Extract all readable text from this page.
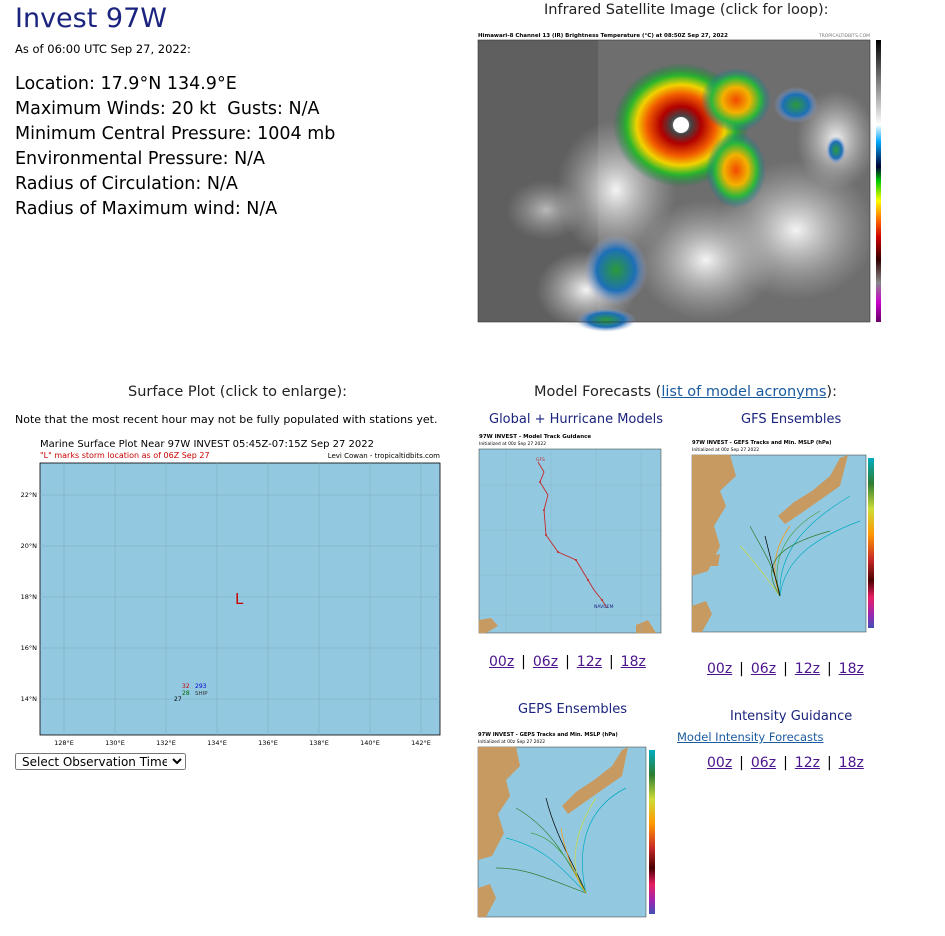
Invest 97W
As of 06:00 UTC Sep 27, 2022:
Location: 17.9°N 134.9°E
Maximum Winds: 20 kt  Gusts: N/A
Minimum Central Pressure: 1004 mb
Environmental Pressure: N/A
Radius of Circulation: N/A
Radius of Maximum wind: N/A
Infrared Satellite Image (click for loop):
Himawari-8 Channel 13 (IR) Brightness Temperature (°C) at 08:50Z Sep 27, 2022	TROPICALTIDBITS.COM
Surface Plot (click to enlarge):
Note that the most recent hour may not be fully populated with stations yet.
Marine Surface Plot Near 97W INVEST 05:45Z-07:15Z Sep 27 2022
"L" marks storm location as of 06Z Sep 27	Levi Cowan - tropicaltidbits.com
22°N
20°N
18°N
16°N
14°N
128°E	130°E	132°E	134°E	136°E	138°E	140°E	142°E
L
32 293
28 SHIP
27
Select Observation Time...
Model Forecasts (list of model acronyms):
Global + Hurricane Models	GFS Ensembles
97W INVEST - Model Track Guidance
Initialized at 00z Sep 27 2022
GFS
NAVGEM
97W INVEST - GEFS Tracks and Min. MSLP (hPa)
Initialized at 00z Sep 27 2022
00z | 06z | 12z | 18z	00z | 06z | 12z | 18z
GEPS Ensembles	Intensity Guidance
Model Intensity Forecasts
00z | 06z | 12z | 18z
97W INVEST - GEPS Tracks and Min. MSLP (hPa)
Initialized at 00z Sep 27 2022
